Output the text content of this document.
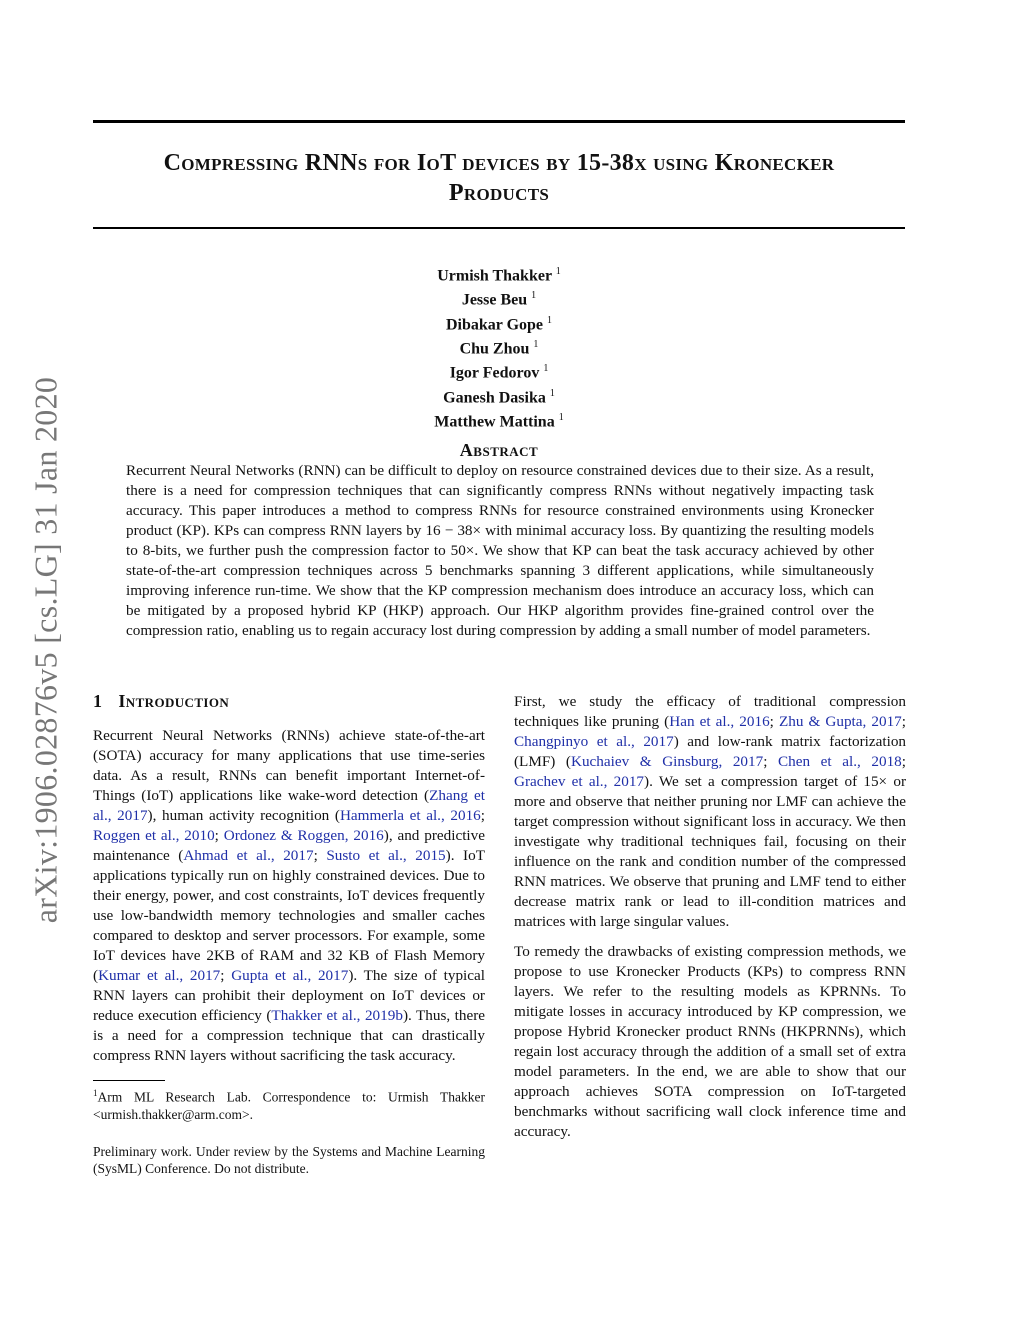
arXiv:1906.02876v5 [cs.LG] 31 Jan 2020
Compressing RNNs for IoT devices by 15-38x using Kronecker
Products
Urmish Thakker $^1$
Jesse Beu $^1$
Dibakar Gope $^1$
Chu Zhou $^1$
Igor Fedorov $^1$
Ganesh Dasika $^1$
Matthew Mattina $^1$
Abstract

Recurrent Neural Networks (RNN) can be difficult to deploy on resource constrained devices due to their size. As a result, there is a need for compression techniques that can significantly compress RNNs without negatively impacting task accuracy. This paper introduces a method to compress RNNs for resource constrained environments using Kronecker product (KP). KPs can compress RNN layers by 16 − 38× with minimal accuracy loss. By quantizing the resulting models to 8-bits, we further push the compression factor to 50×. We show that KP can beat the task accuracy achieved by other state-of-the-art compression techniques across 5 benchmarks spanning 3 different applications, while simultaneously improving inference run-time. We show that the KP compression mechanism does introduce an accuracy loss, which can be mitigated by a proposed hybrid KP (HKP) approach. Our HKP algorithm provides fine-grained control over the compression ratio, enabling us to regain accuracy lost during compression by adding a small number of model parameters.

1 Introduction

Recurrent Neural Networks (RNNs) achieve state-of-the-art (SOTA) accuracy for many applications that use time-series data. As a result, RNNs can benefit important Internet-of-Things (IoT) applications like wake-word detection (Zhang et al., 2017), human activity recognition (Hammerla et al., 2016; Roggen et al., 2010; Ordonez & Roggen, 2016), and predictive maintenance (Ahmad et al., 2017; Susto et al., 2015). IoT applications typically run on highly constrained devices. Due to their energy, power, and cost constraints, IoT devices frequently use low-bandwidth memory technologies and smaller caches compared to desktop and server processors. For example, some IoT devices have 2KB of RAM and 32 KB of Flash Memory (Kumar et al., 2017; Gupta et al., 2017). The size of typical RNN layers can prohibit their deployment on IoT devices or reduce execution efficiency (Thakker et al., 2019b). Thus, there is a need for a compression technique that can drastically compress RNN layers without sacrificing the task accuracy.

$^1$Arm ML Research Lab. Correspondence to: Urmish Thakker <urmish.thakker@arm.com>.

Preliminary work. Under review by the Systems and Machine Learning (SysML) Conference. Do not distribute.

First, we study the efficacy of traditional compression techniques like pruning (Han et al., 2016; Zhu & Gupta, 2017; Changpinyo et al., 2017) and low-rank matrix factorization (LMF) (Kuchaiev & Ginsburg, 2017; Chen et al., 2018; Grachev et al., 2017). We set a compression target of 15× or more and observe that neither pruning nor LMF can achieve the target compression without significant loss in accuracy. We then investigate why traditional techniques fail, focusing on their influence on the rank and condition number of the compressed RNN matrices. We observe that pruning and LMF tend to either decrease matrix rank or lead to ill-condition matrices and matrices with large singular values.

To remedy the drawbacks of existing compression methods, we propose to use Kronecker Products (KPs) to compress RNN layers. We refer to the resulting models as KPRNNs. To mitigate losses in accuracy introduced by KP compression, we propose Hybrid Kronecker product RNNs (HKPRNNs), which regain lost accuracy through the addition of a small set of extra model parameters. In the end, we are able to show that our approach achieves SOTA compression on IoT-targeted benchmarks without sacrificing wall clock inference time and accuracy.
